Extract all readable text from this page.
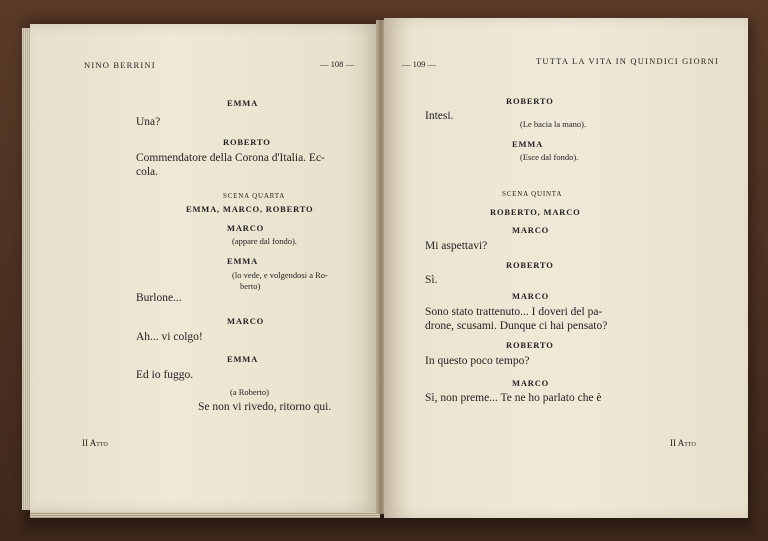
NINO BERRINI	— 108 —
EMMA
Una?
ROBERTO
Commendatore della Corona d'Italia. Ec-
cola.
SCENA QUARTA
EMMA, MARCO, ROBERTO
MARCO
(appare dal fondo).
EMMA
(lo vede, e volgendosi a Ro-
berto)
Burlone...
MARCO
Ah... vi colgo!
EMMA
Ed io fuggo.
(a Roberto)
Se non vi rivedo, ritorno qui.
II Atto
— 109 —	TUTTA LA VITA IN QUINDICI GIORNI
ROBERTO
Intesi.
(Le bacia la mano).
EMMA
(Esce dal fondo).
SCENA QUINTA
ROBERTO, MARCO
MARCO
Mi aspettavi?
ROBERTO
Sì.
MARCO
Sono stato trattenuto... I doveri del pa-
drone, scusami. Dunque ci hai pensato?
ROBERTO
In questo poco tempo?
MARCO
Sì, non preme... Te ne ho parlato che è
II Atto
